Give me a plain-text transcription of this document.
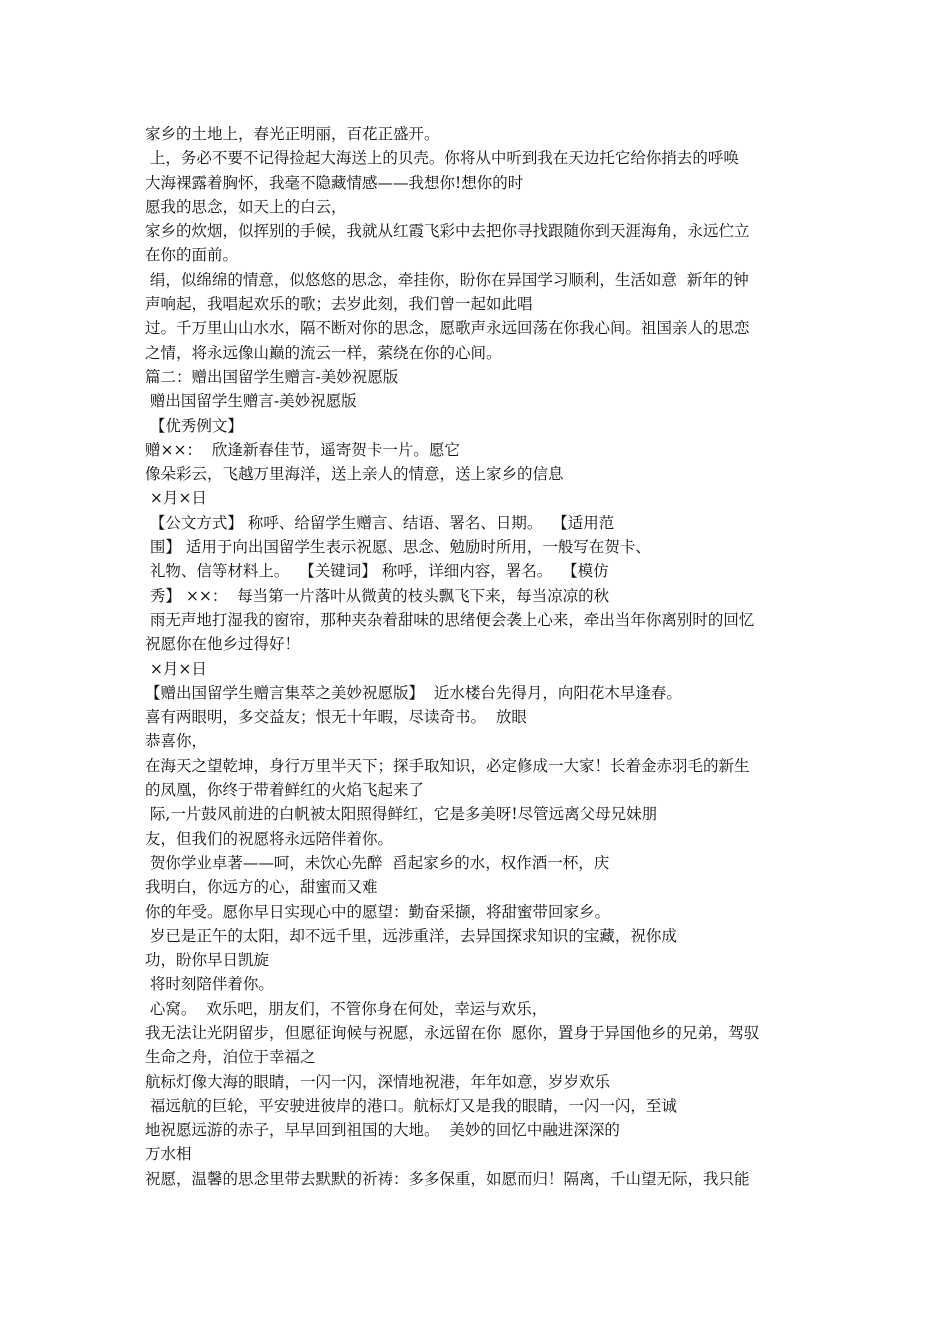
家乡的土地上，春光正明丽，百花正盛开。
上，务必不要不记得捡起大海送上的贝壳。你将从中听到我在天边托它给你捎去的呼唤
大海裸露着胸怀，我毫不隐藏情感——我想你!想你的时
愿我的思念，如天上的白云，
家乡的炊烟，似挥别的手候，我就从红霞飞彩中去把你寻找跟随你到天涯海角，永远伫立
在你的面前。
绢，似绵绵的情意，似悠悠的思念，牵挂你，盼你在异国学习顺利，生活如意  新年的钟
声响起，我唱起欢乐的歌；去岁此刻，我们曾一起如此唱
过。千万里山山水水，隔不断对你的思念，愿歌声永远回荡在你我心间。祖国亲人的思恋
之情，将永远像山巅的流云一样，萦绕在你的心间。
篇二：赠出国留学生赠言-美妙祝愿版
赠出国留学生赠言-美妙祝愿版
【优秀例文】
赠××：  欣逢新春佳节，遥寄贺卡一片。愿它
像朵彩云，飞越万里海洋，送上亲人的情意，送上家乡的信息
×月×日
【公文方式】 称呼、给留学生赠言、结语、署名、日期。  【适用范
围】 适用于向出国留学生表示祝愿、思念、勉励时所用，一般写在贺卡、
礼物、信等材料上。  【关键词】 称呼，详细内容，署名。  【模仿
秀】 ××：  每当第一片落叶从微黄的枝头飘飞下来，每当凉凉的秋
雨无声地打湿我的窗帘，那种夹杂着甜味的思绪便会袭上心来，牵出当年你离别时的回忆
祝愿你在他乡过得好！
×月×日
【赠出国留学生赠言集萃之美妙祝愿版】  近水楼台先得月，向阳花木早逢春。
喜有两眼明，多交益友；恨无十年暇，尽读奇书。  放眼
恭喜你，
在海天之望乾坤，身行万里半天下；探手取知识，必定修成一大家！长着金赤羽毛的新生
的凤凰，你终于带着鲜红的火焰飞起来了
际,一片鼓风前进的白帆被太阳照得鲜红，它是多美呀!尽管远离父母兄妹朋
友，但我们的祝愿将永远陪伴着你。
贺你学业卓著——呵，未饮心先醉  舀起家乡的水，权作酒一杯，庆
我明白，你远方的心，甜蜜而又难
你的年受。愿你早日实现心中的愿望：勤奋采撷，将甜蜜带回家乡。
岁已是正午的太阳，却不远千里，远涉重洋，去异国探求知识的宝藏，祝你成
功，盼你早日凯旋
将时刻陪伴着你。
心窝。  欢乐吧，朋友们，不管你身在何处，幸运与欢乐，
我无法让光阴留步，但愿征询候与祝愿，永远留在你  愿你，置身于异国他乡的兄弟，驾驭
生命之舟，泊位于幸福之
航标灯像大海的眼睛，一闪一闪，深情地祝港，年年如意，岁岁欢乐
福远航的巨轮，平安驶进彼岸的港口。航标灯又是我的眼睛，一闪一闪，至诚
地祝愿远游的赤子，早早回到祖国的大地。  美妙的回忆中融进深深的
万水相
祝愿，温馨的思念里带去默默的祈祷：多多保重，如愿而归！隔离，千山望无际，我只能
